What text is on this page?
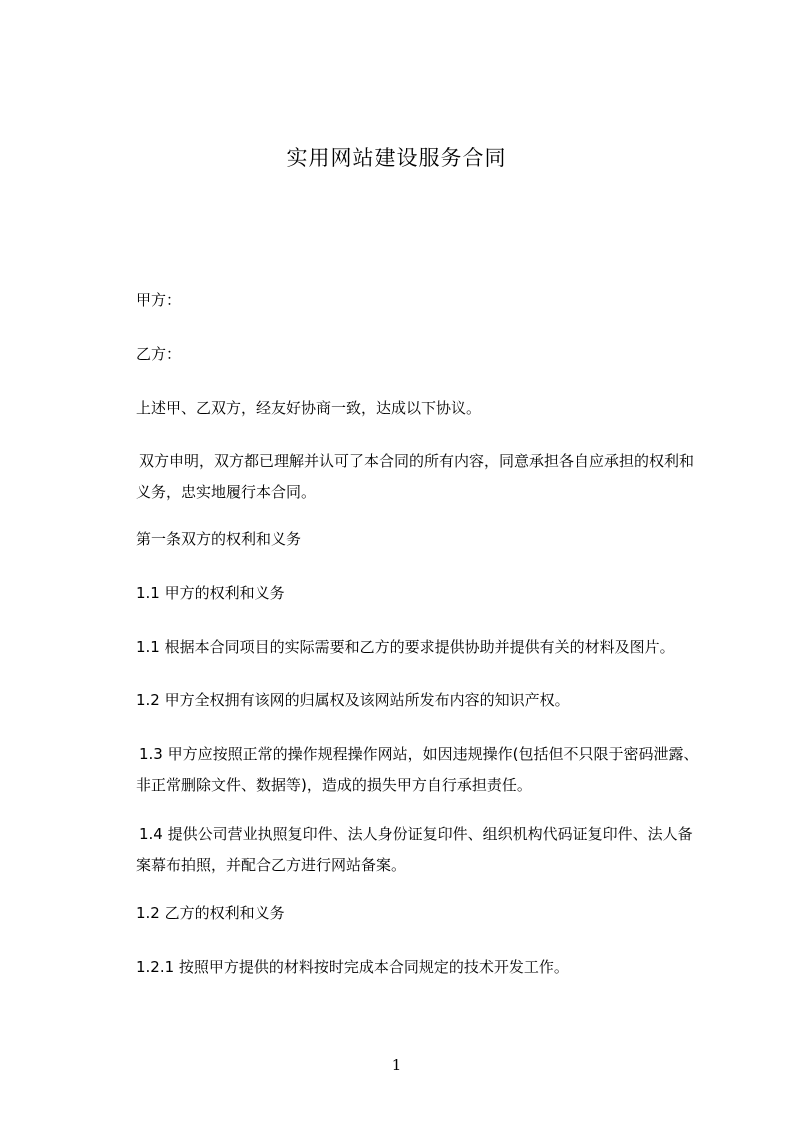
实用网站建设服务合同
甲方：
乙方：
上述甲、乙双方，经友好协商一致，达成以下协议。
双方申明，双方都已理解并认可了本合同的所有内容，同意承担各自应承担的权利和义务，忠实地履行本合同。
第一条双方的权利和义务
1.1 甲方的权利和义务
1.1 根据本合同项目的实际需要和乙方的要求提供协助并提供有关的材料及图片。
1.2 甲方全权拥有该网的归属权及该网站所发布内容的知识产权。
1.3 甲方应按照正常的操作规程操作网站，如因违规操作(包括但不只限于密码泄露、非正常删除文件、数据等)，造成的损失甲方自行承担责任。
1.4 提供公司营业执照复印件、法人身份证复印件、组织机构代码证复印件、法人备案幕布拍照，并配合乙方进行网站备案。
1.2 乙方的权利和义务
1.2.1 按照甲方提供的材料按时完成本合同规定的技术开发工作。
1
